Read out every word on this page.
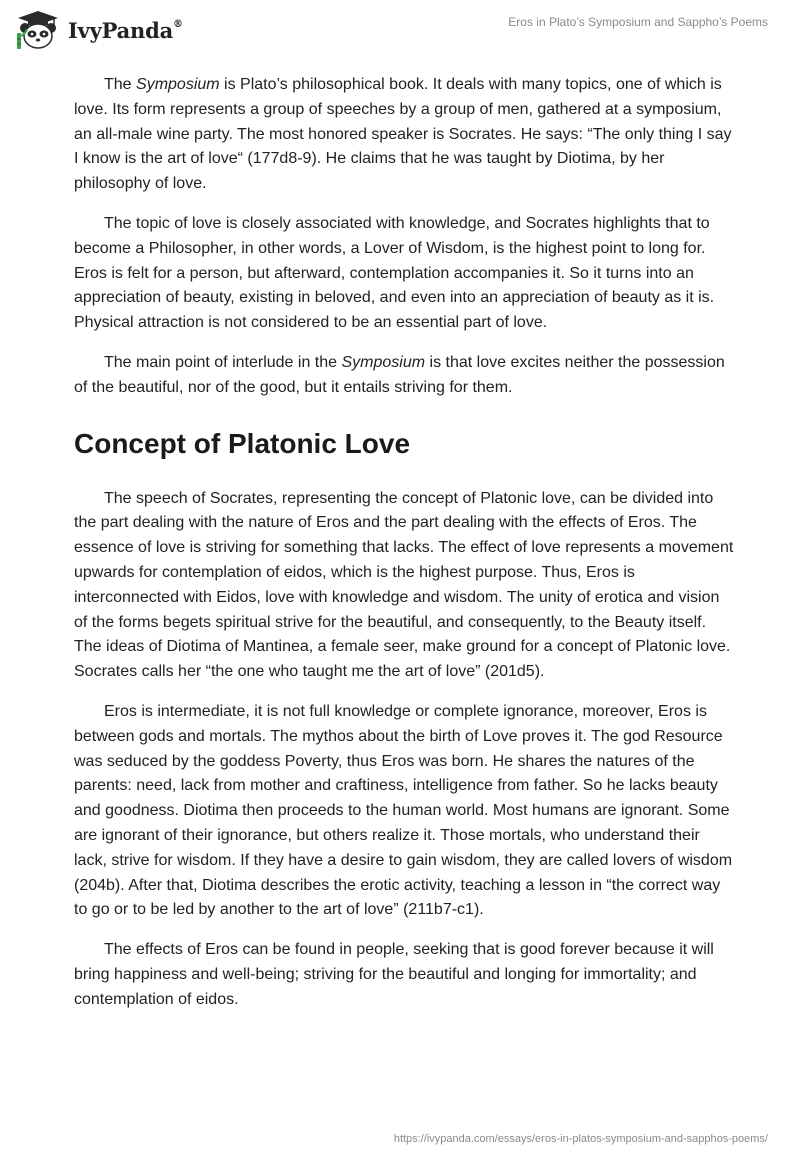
IvyPanda®	Eros in Plato’s Symposium and Sappho’s Poems

The Symposium is Plato’s philosophical book. It deals with many topics, one of which is love. Its form represents a group of speeches by a group of men, gathered at a symposium, an all-male wine party. The most honored speaker is Socrates. He says: “The only thing I say I know is the art of love“ (177d8-9). He claims that he was taught by Diotima, by her philosophy of love.

The topic of love is closely associated with knowledge, and Socrates highlights that to become a Philosopher, in other words, a Lover of Wisdom, is the highest point to long for. Eros is felt for a person, but afterward, contemplation accompanies it. So it turns into an appreciation of beauty, existing in beloved, and even into an appreciation of beauty as it is. Physical attraction is not considered to be an essential part of love.

The main point of interlude in the Symposium is that love excites neither the possession of the beautiful, nor of the good, but it entails striving for them.

Concept of Platonic Love

The speech of Socrates, representing the concept of Platonic love, can be divided into the part dealing with the nature of Eros and the part dealing with the effects of Eros. The essence of love is striving for something that lacks. The effect of love represents a movement upwards for contemplation of eidos, which is the highest purpose. Thus, Eros is interconnected with Eidos, love with knowledge and wisdom. The unity of erotica and vision of the forms begets spiritual strive for the beautiful, and consequently, to the Beauty itself. The ideas of Diotima of Mantinea, a female seer, make ground for a concept of Platonic love. Socrates calls her “the one who taught me the art of love” (201d5).

Eros is intermediate, it is not full knowledge or complete ignorance, moreover, Eros is between gods and mortals. The mythos about the birth of Love proves it. The god Resource was seduced by the goddess Poverty, thus Eros was born. He shares the natures of the parents: need, lack from mother and craftiness, intelligence from father. So he lacks beauty and goodness. Diotima then proceeds to the human world. Most humans are ignorant. Some are ignorant of their ignorance, but others realize it. Those mortals, who understand their lack, strive for wisdom. If they have a desire to gain wisdom, they are called lovers of wisdom (204b). After that, Diotima describes the erotic activity, teaching a lesson in “the correct way to go or to be led by another to the art of love” (211b7-c1).

The effects of Eros can be found in people, seeking that is good forever because it will bring happiness and well-being; striving for the beautiful and longing for immortality; and contemplation of eidos.

https://ivypanda.com/essays/eros-in-platos-symposium-and-sapphos-poems/
